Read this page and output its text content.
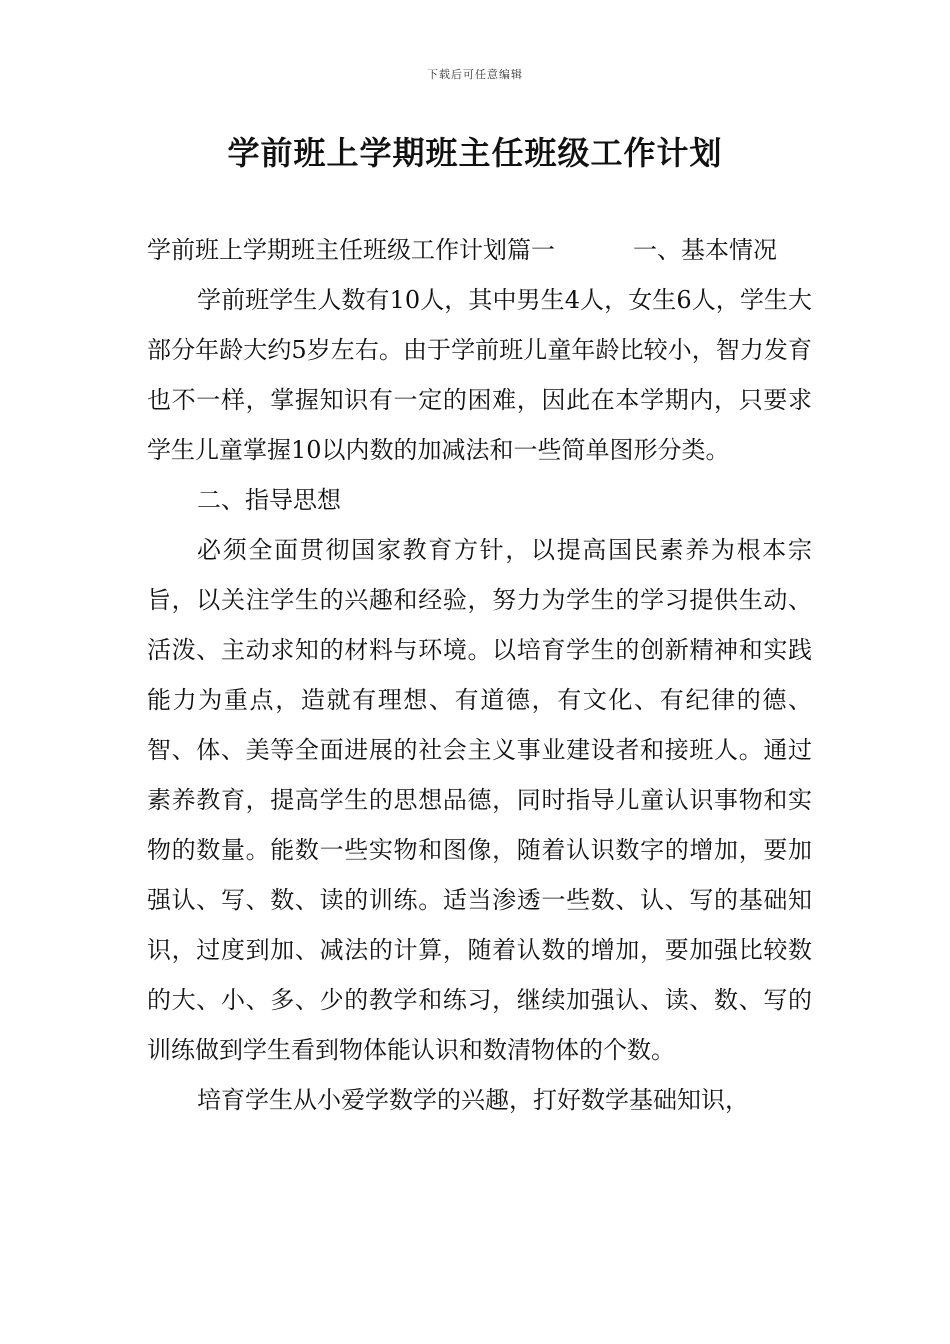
下载后可任意编辑
学前班上学期班主任班级工作计划
学前班上学期班主任班级工作计划篇一	一、基本情况

学前班学生人数有10人，其中男生4人，女生6人，学生大部分年龄大约5岁左右。由于学前班儿童年龄比较小，智力发育也不一样，掌握知识有一定的困难，因此在本学期内，只要求学生儿童掌握10以内数的加减法和一些简单图形分类。

二、指导思想

必须全面贯彻国家教育方针，以提高国民素养为根本宗旨，以关注学生的兴趣和经验，努力为学生的学习提供生动、活泼、主动求知的材料与环境。以培育学生的创新精神和实践能力为重点，造就有理想、有道德，有文化、有纪律的德、智、体、美等全面进展的社会主义事业建设者和接班人。通过素养教育，提高学生的思想品德，同时指导儿童认识事物和实物的数量。能数一些实物和图像，随着认识数字的增加，要加强认、写、数、读的训练。适当渗透一些数、认、写的基础知识，过度到加、减法的计算，随着认数的增加，要加强比较数的大、小、多、少的教学和练习，继续加强认、读、数、写的训练做到学生看到物体能认识和数清物体的个数。

培育学生从小爱学数学的兴趣，打好数学基础知识，
